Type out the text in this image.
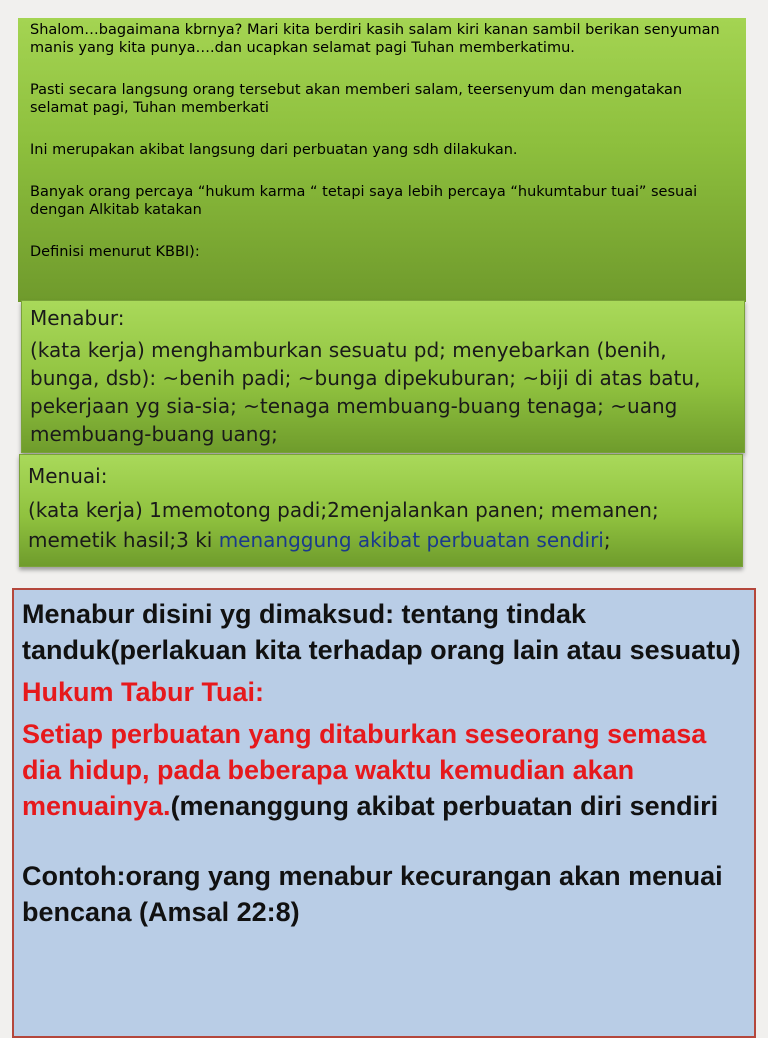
Shalom…bagaimana kbrnya? Mari kita berdiri kasih salam kiri kanan sambil berikan senyuman manis yang kita punya….dan ucapkan selamat pagi Tuhan memberkatimu.

Pasti secara langsung orang tersebut akan memberi salam, teersenyum dan mengatakan selamat pagi, Tuhan memberkati

Ini merupakan akibat langsung dari perbuatan yang sdh dilakukan.

Banyak orang percaya “hukum karma “ tetapi saya lebih percaya “hukumtabur tuai” sesuai dengan Alkitab katakan

Definisi menurut KBBI):

Menabur:

(kata kerja) menghamburkan sesuatu pd; menyebarkan (benih, bunga, dsb): ~benih padi; ~bunga dipekuburan; ~biji di atas batu, pekerjaan yg sia-sia; ~tenaga membuang-buang tenaga; ~uang membuang-buang uang;

Menuai:

(kata kerja) 1memotong padi;2menjalankan panen; memanen; memetik hasil;3 ki menanggung akibat perbuatan sendiri;

Menabur disini yg dimaksud: tentang tindak tanduk(perlakuan kita terhadap orang lain atau sesuatu)

Hukum Tabur Tuai:

Setiap perbuatan yang ditaburkan seseorang semasa dia hidup, pada beberapa waktu kemudian akan menuainya.(menanggung akibat perbuatan diri sendiri

Contoh:orang yang menabur kecurangan akan menuai bencana (Amsal 22:8)
